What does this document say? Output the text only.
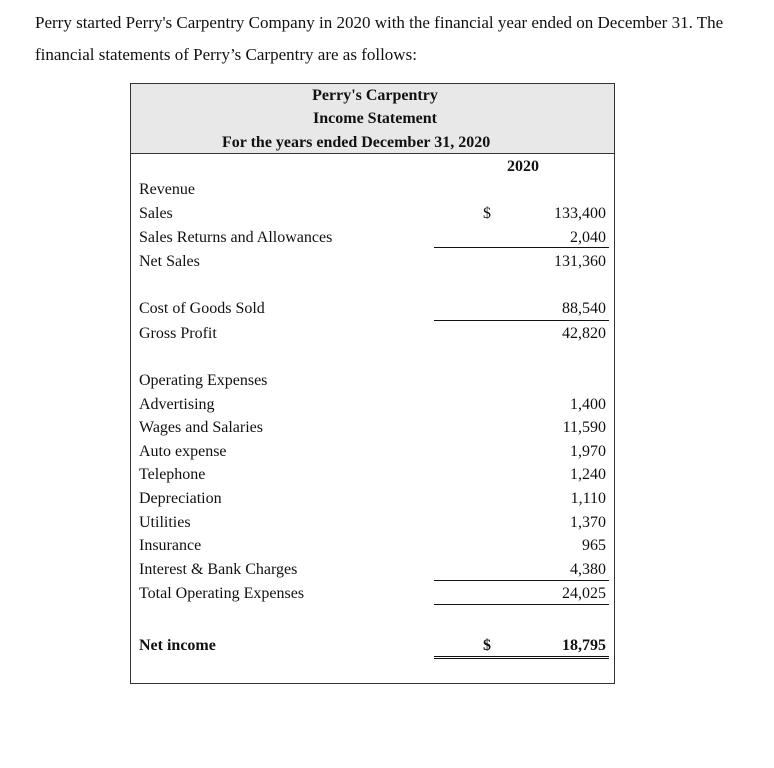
Perry started Perry's Carpentry Company in 2020 with the financial year ended on December 31. The financial statements of Perry’s Carpentry are as follows:

Perry's Carpentry
Income Statement
For the years ended December 31, 2020
2020
Revenue
Sales	$	133,400
Sales Returns and Allowances	2,040
Net Sales	131,360
Cost of Goods Sold	88,540
Gross Profit	42,820
Operating Expenses
Advertising	1,400
Wages and Salaries	11,590
Auto expense	1,970
Telephone	1,240
Depreciation	1,110
Utilities	1,370
Insurance	965
Interest & Bank Charges	4,380
Total Operating Expenses	24,025
Net income	$	18,795
